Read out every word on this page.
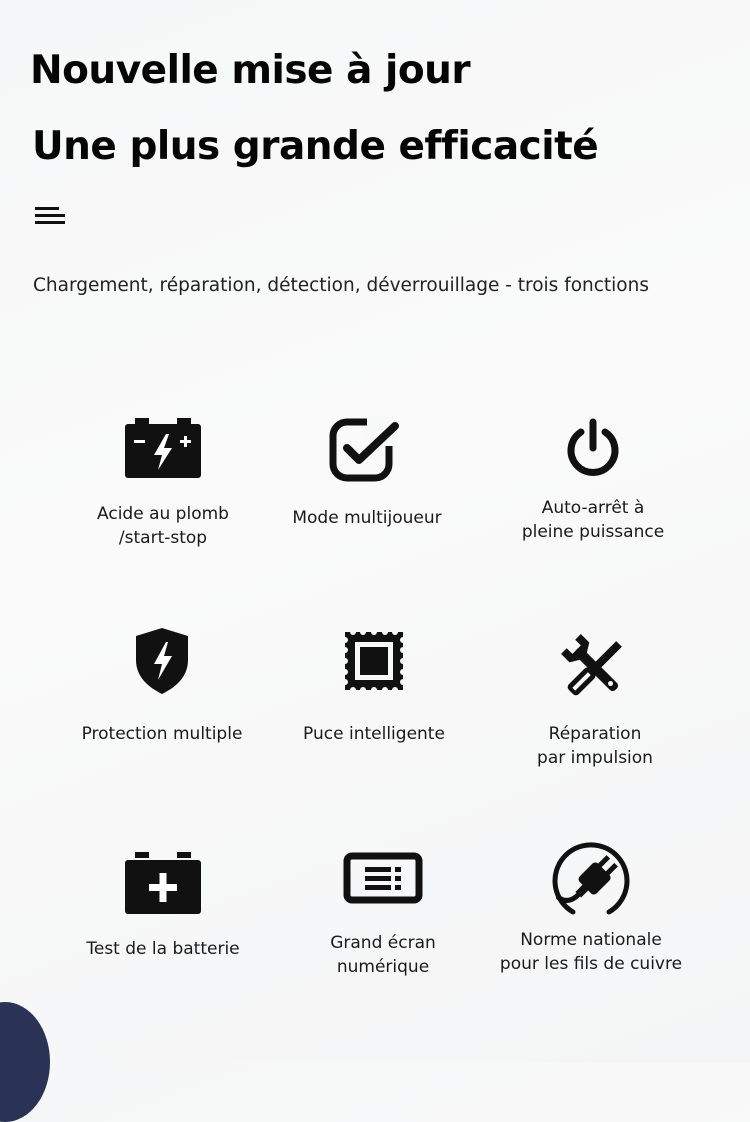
Nouvelle mise à jour
Une plus grande efficacité

Chargement, réparation, détection, déverrouillage - trois fonctions

Acide au plomb
/start-stop
Mode multijoueur	Auto-arrêt à
pleine puissance
Protection multiple	Puce intelligente	Réparation
par impulsion
Test de la batterie	Grand écran
numérique
Norme nationale
pour les fils de cuivre
